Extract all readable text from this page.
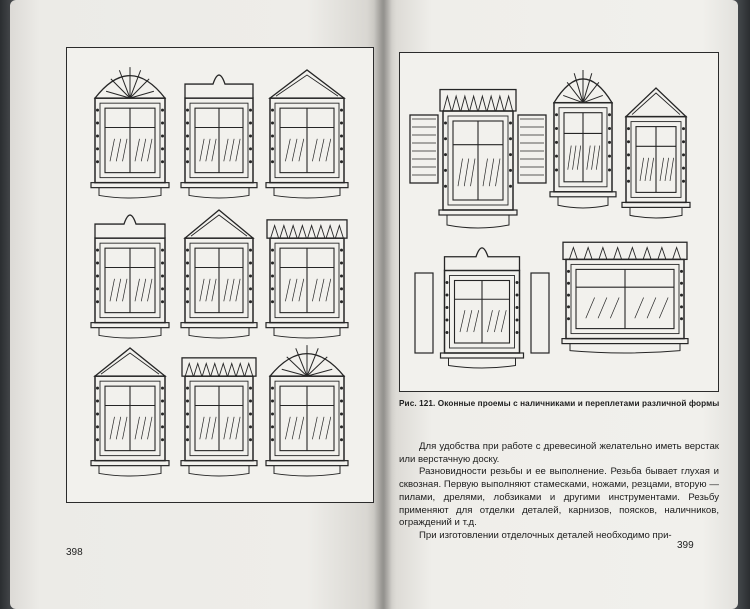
398
Рис. 121. Оконные проемы с наличниками и переплетами различной формы

Для удобства при работе с древесиной желательно иметь верстак или верстачную доску.

Разновидности резьбы и ее выполнение. Резьба бывает глухая и сквозная. Первую выполняют стамесками, ножами, резцами, вторую — пилами, дрелями, лобзиками и другими инструментами. Резьбу применяют для отделки деталей, карнизов, поясков, наличников, ограждений и т.д.

При изготовлении отделочных деталей необходимо при-

399
